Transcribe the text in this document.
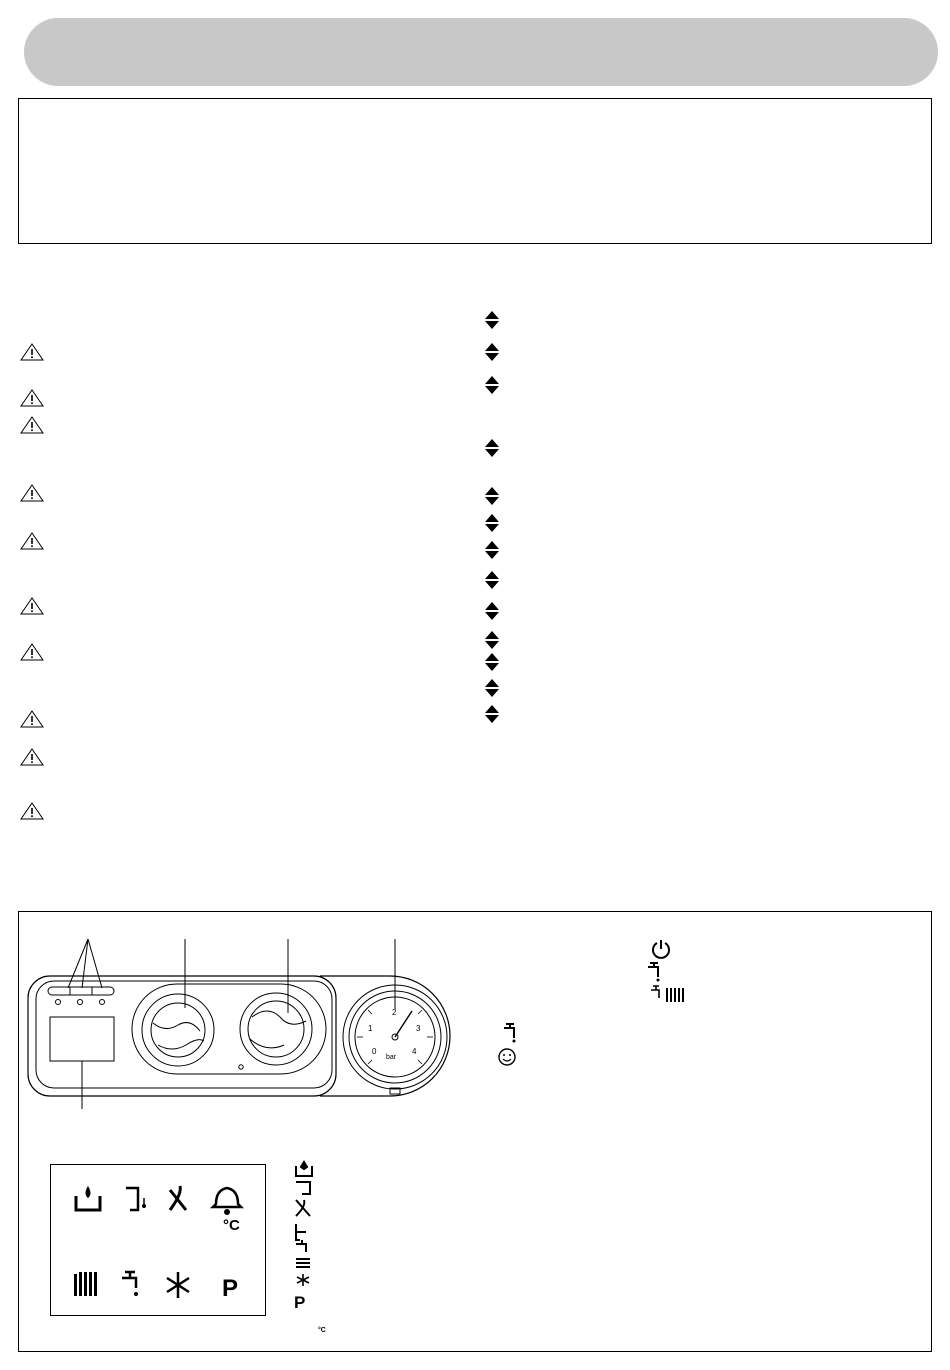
0
1
2
3
4
bar
°C
P
P
°C
